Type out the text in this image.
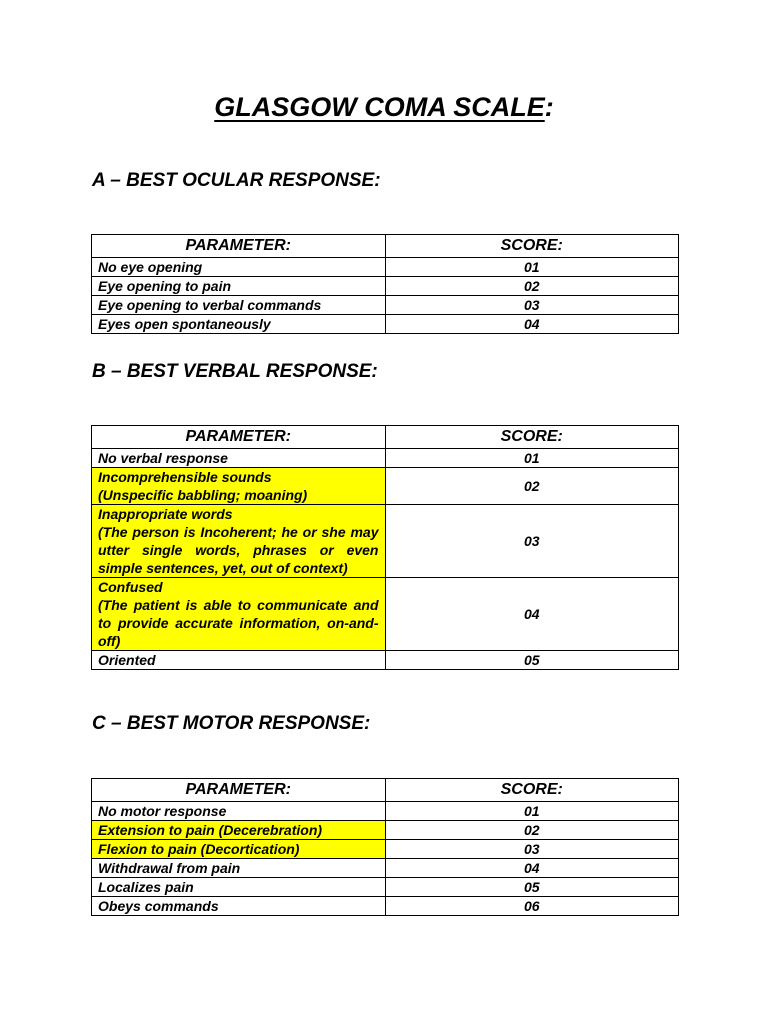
GLASGOW COMA SCALE:
A – BEST OCULAR RESPONSE:
PARAMETER:	SCORE:
No eye opening	01
Eye opening to pain	02
Eye opening to verbal commands	03
Eyes open spontaneously	04
B – BEST VERBAL RESPONSE:
PARAMETER:	SCORE:
No verbal response	01

Incomprehensible sounds
(Unspecific babbling; moaning)	02

Inappropriate words
(The person is Incoherent; he or she may utter single words, phrases or even simple sentences, yet, out of context)	03

Confused
(The patient is able to communicate and to provide accurate information, on-and-off)	04
Oriented	05
C – BEST MOTOR RESPONSE:
PARAMETER:	SCORE:
No motor response	01
Extension to pain (Decerebration)	02
Flexion to pain (Decortication)	03
Withdrawal from pain	04
Localizes pain	05
Obeys commands	06
